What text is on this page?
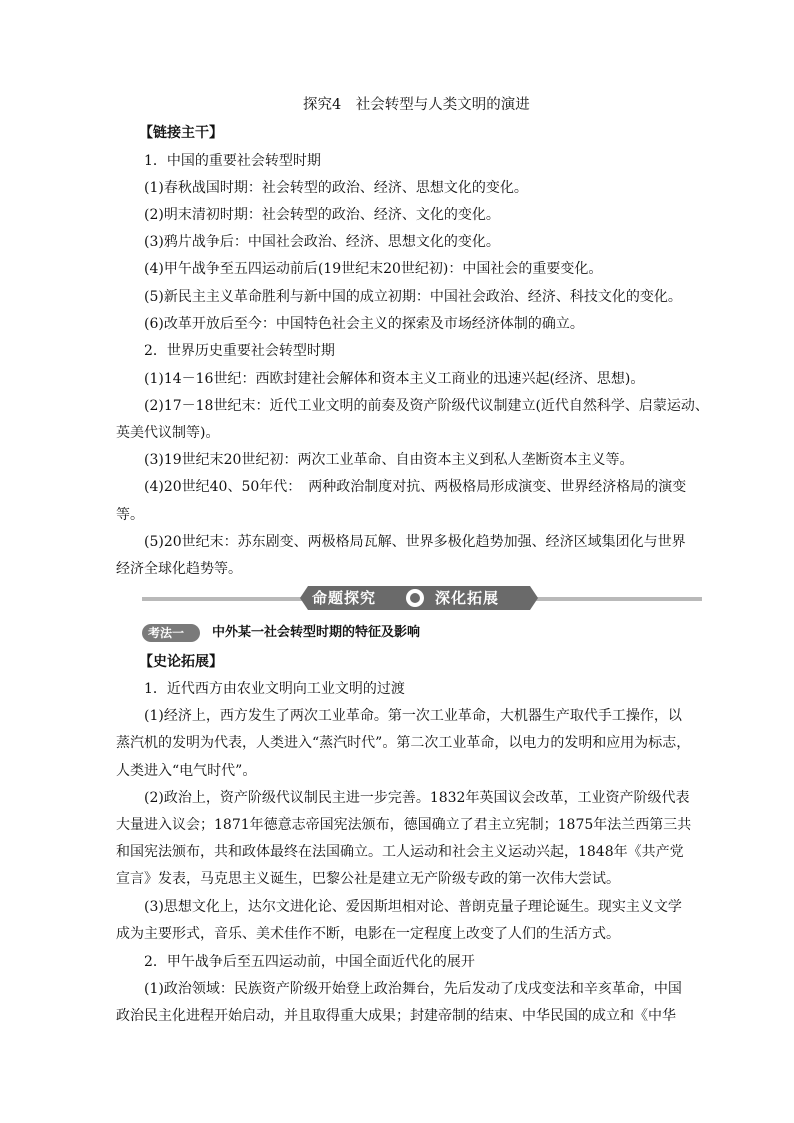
探究4　社会转型与人类文明的演进
【链接主干】
1．中国的重要社会转型时期
(1)春秋战国时期：社会转型的政治、经济、思想文化的变化。
(2)明末清初时期：社会转型的政治、经济、文化的变化。
(3)鸦片战争后：中国社会政治、经济、思想文化的变化。
(4)甲午战争至五四运动前后(19世纪末20世纪初)：中国社会的重要变化。
(5)新民主主义革命胜利与新中国的成立初期：中国社会政治、经济、科技文化的变化。
(6)改革开放后至今：中国特色社会主义的探索及市场经济体制的确立。
2．世界历史重要社会转型时期
(1)14－16世纪：西欧封建社会解体和资本主义工商业的迅速兴起(经济、思想)。
(2)17－18世纪末：近代工业文明的前奏及资产阶级代议制建立(近代自然科学、启蒙运动、
英美代议制等)。
(3)19世纪末20世纪初：两次工业革命、自由资本主义到私人垄断资本主义等。
(4)20世纪40、50年代：　两种政治制度对抗、两极格局形成演变、世界经济格局的演变
等。
(5)20世纪末：苏东剧变、两极格局瓦解、世界多极化趋势加强、经济区域集团化与世界
经济全球化趋势等。
命题探究	深化拓展
考法一 中外某一社会转型时期的特征及影响
【史论拓展】
1．近代西方由农业文明向工业文明的过渡
(1)经济上，西方发生了两次工业革命。第一次工业革命，大机器生产取代手工操作，以
蒸汽机的发明为代表，人类进入“蒸汽时代”。第二次工业革命，以电力的发明和应用为标志，
人类进入“电气时代”。
(2)政治上，资产阶级代议制民主进一步完善。1832年英国议会改革，工业资产阶级代表
大量进入议会；1871年德意志帝国宪法颁布，德国确立了君主立宪制；1875年法兰西第三共
和国宪法颁布，共和政体最终在法国确立。工人运动和社会主义运动兴起，1848年《共产党
宣言》发表，马克思主义诞生，巴黎公社是建立无产阶级专政的第一次伟大尝试。
(3)思想文化上，达尔文进化论、爱因斯坦相对论、普朗克量子理论诞生。现实主义文学
成为主要形式，音乐、美术佳作不断，电影在一定程度上改变了人们的生活方式。
2．甲午战争后至五四运动前，中国全面近代化的展开
(1)政治领域：民族资产阶级开始登上政治舞台，先后发动了戊戌变法和辛亥革命，中国
政治民主化进程开始启动，并且取得重大成果；封建帝制的结束、中华民国的成立和《中华
